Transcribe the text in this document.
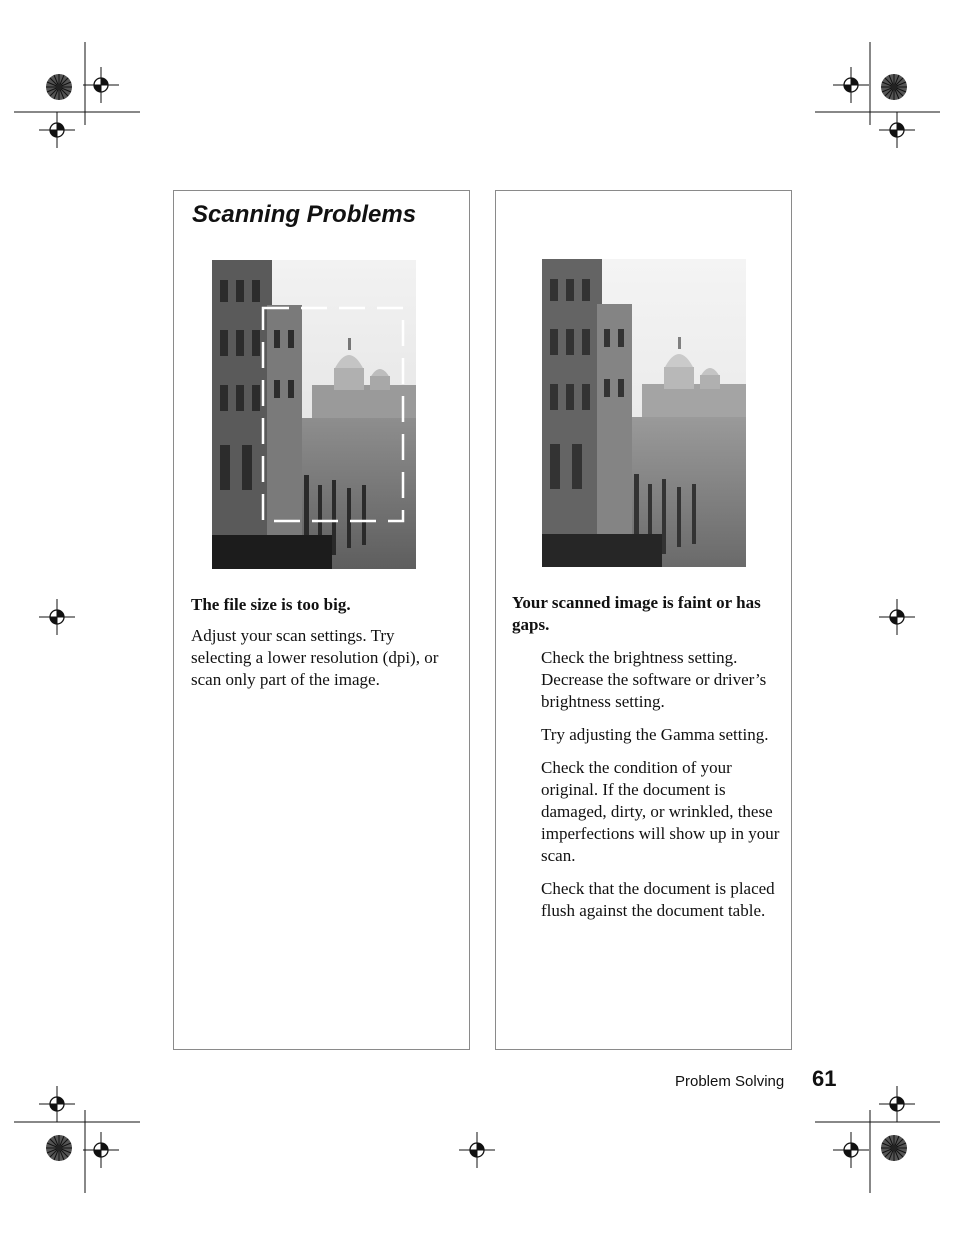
Scanning Problems
The file size is too big.

Adjust your scan settings. Try selecting a lower resolution (dpi), or scan only part of the image.

Your scanned image is faint or has gaps.
Check the brightness setting. Decrease the software or driver’s brightness setting.
Try adjusting the Gamma setting.
Check the condition of your original. If the document is damaged, dirty, or wrinkled, these imperfections will show up in your scan.
Check that the document is placed flush against the document table.
Problem Solving 61
